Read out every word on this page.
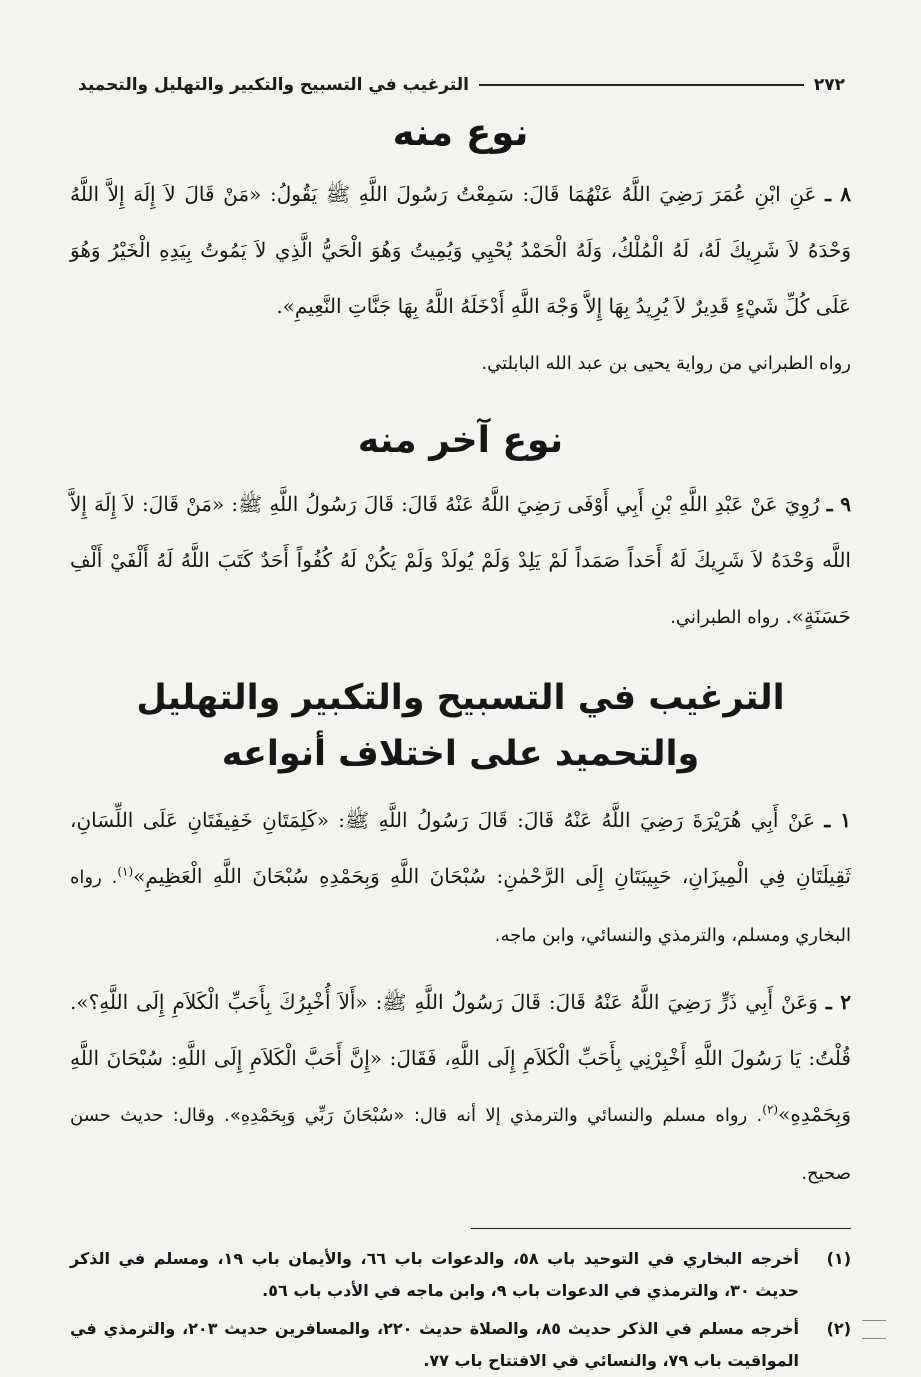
٢٧٢
الترغيب في التسبيح والتكبير والتهليل والتحميد
نوع منه

٨ ـ عَنِ ابْنِ عُمَرَ رَضِيَ اللَّهُ عَنْهُمَا قَالَ: سَمِعْتُ رَسُولَ اللَّهِ ﷺ يَقُولُ: «مَنْ قَالَ لاَ إِلَهَ إِلاَّ اللَّهُ وَحْدَهُ لاَ شَرِيكَ لَهُ، لَهُ الْمُلْكُ، وَلَهُ الْحَمْدُ يُحْيِي وَيُمِيتُ وَهُوَ الْحَيُّ الَّذِي لاَ يَمُوتُ بِيَدِهِ الْخَيْرُ وَهُوَ عَلَى كُلِّ شَيْءٍ قَدِيرٌ لاَ يُرِيدُ بِهَا إِلاَّ وَجْهَ اللَّهِ أَدْخَلَهُ اللَّهُ بِهَا جَنَّاتِ النَّعِيمِ».

رواه الطبراني من رواية يحيى بن عبد الله البابلتي.

نوع آخر منه

٩ ـ رُوِيَ عَنْ عَبْدِ اللَّهِ بْنِ أَبِي أَوْفَى رَضِيَ اللَّهُ عَنْهُ قَالَ: قَالَ رَسُولُ اللَّهِ ﷺ: «مَنْ قَالَ: لاَ إِلَهَ إِلاَّ اللَّه وَحْدَهُ لاَ شَرِيكَ لَهُ أَحَداً صَمَداً لَمْ يَلِدْ وَلَمْ يُولَدْ وَلَمْ يَكُنْ لَهُ كُفُواً أَحَدٌ كَتَبَ اللَّهُ لَهُ أَلْفَيْ أَلْفِ حَسَنَةٍ». رواه الطبراني.

الترغيب في التسبيح والتكبير والتهليل والتحميد على اختلاف أنواعه

١ ـ عَنْ أَبِي هُرَيْرَةَ رَضِيَ اللَّهُ عَنْهُ قَالَ: قَالَ رَسُولُ اللَّهِ ﷺ: «كَلِمَتَانِ خَفِيفَتَانِ عَلَى اللِّسَانِ، ثَقِيلَتَانِ فِي الْمِيزَانِ، حَبِيبَتَانِ إِلَى الرَّحْمٰنِ: سُبْحَانَ اللَّهِ وَبِحَمْدِهِ سُبْحَانَ اللَّهِ الْعَظِيمِ»$^{(١)}$. رواه البخاري ومسلم، والترمذي والنسائي، وابن ماجه.

٢ ـ وَعَنْ أَبِي ذَرٍّ رَضِيَ اللَّهُ عَنْهُ قَالَ: قَالَ رَسُولُ اللَّهِ ﷺ: «أَلاَ أُخْبِرُكَ بِأَحَبِّ الْكَلاَمِ إِلَى اللَّهِ؟». قُلْتُ: يَا رَسُولَ اللَّهِ أَخْبِرْنِي بِأَحَبِّ الْكَلاَمِ إِلَى اللَّهِ، فَقَالَ: «إِنَّ أَحَبَّ الْكَلاَمِ إِلَى اللَّهِ: سُبْحَانَ اللَّهِ وَبِحَمْدِهِ»$^{(٢)}$. رواه مسلم والنسائي والترمذي إلا أنه قال: «سُبْحَانَ رَبِّي وَبِحَمْدِهِ». وقال: حديث حسن صحيح.

(١)
أخرجه البخاري في التوحيد باب ٥٨، والدعوات باب ٦٦، والأيمان باب ١٩، ومسلم في الذكر حديث ٣٠، والترمذي في الدعوات باب ٩، وابن ماجه في الأدب باب ٥٦.
(٢)
أخرجه مسلم في الذكر حديث ٨٥، والصلاة حديث ٢٢٠، والمسافرين حديث ٢٠٣، والترمذي في المواقيت باب ٧٩، والنسائي في الافتتاح باب ٧٧.
